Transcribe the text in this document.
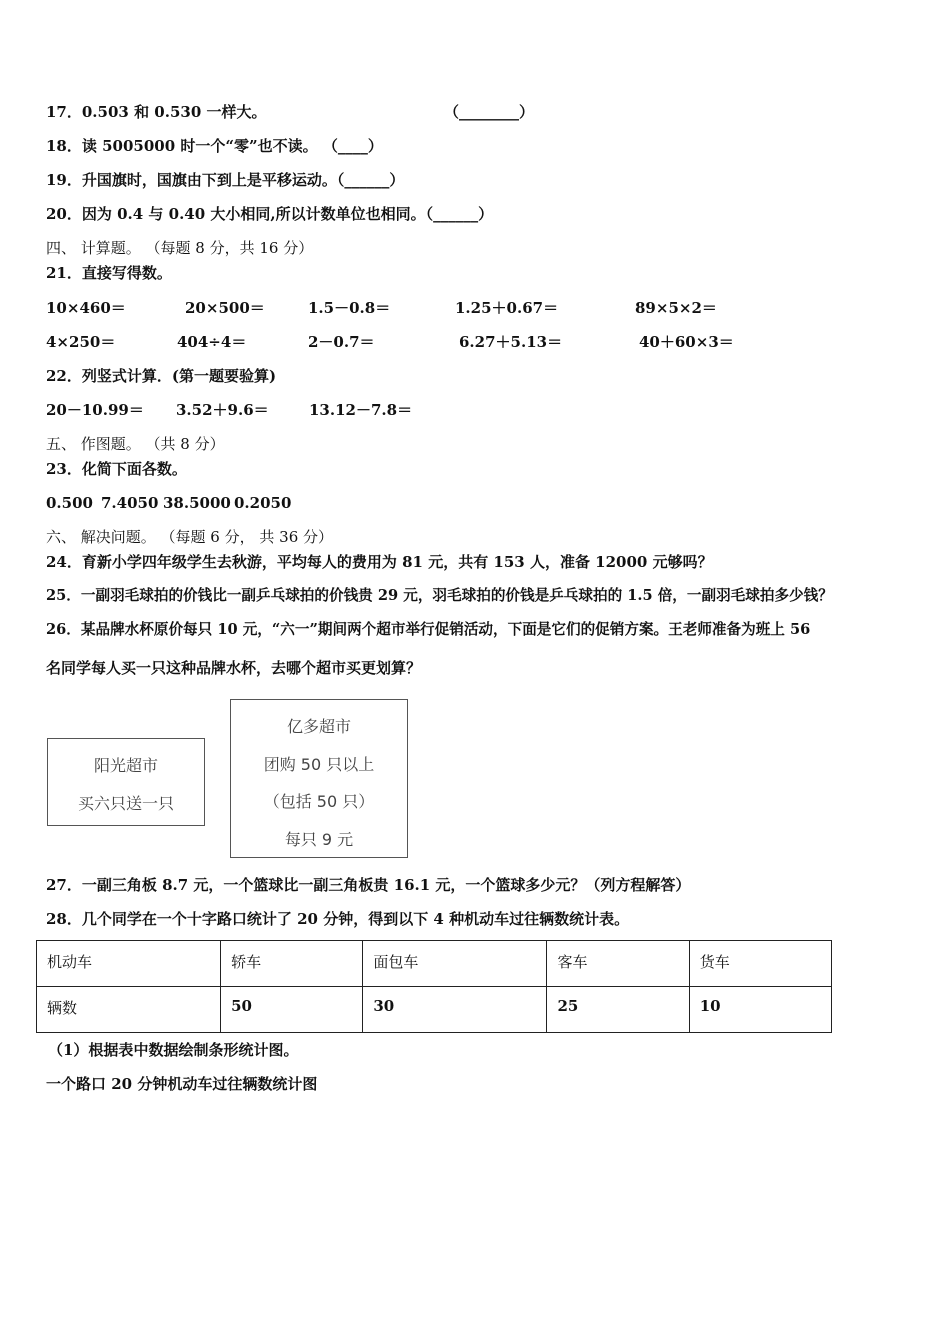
17．0.503 和 0.530 一样大。	（________）
18．读 5005000 时一个“零”也不读。 （____）
19．升国旗时，国旗由下到上是平移运动。（______）
20．因为 0.4 与 0.40 大小相同,所以计数单位也相同。（______）
四、 计算题。 （每题 8 分，共 16 分）
21．直接写得数。
10×460＝	20×500＝	1.5－0.8＝	1.25＋0.67＝	89×5×2＝
4×250＝	404÷4＝	2－0.7＝	6.27＋5.13＝	40＋60×3＝
22．列竖式计算．(第一题要验算)
20－10.99＝ 3.52＋9.6＝	13.12－7.8＝
五、 作图题。 （共 8 分）
23．化简下面各数。
0.500 7.4050 38.5000 0.2050
六、 解决问题。 （每题 6 分， 共 36 分）
24．育新小学四年级学生去秋游，平均每人的费用为 81 元，共有 153 人，准备 12000 元够吗？
25．一副羽毛球拍的价钱比一副乒乓球拍的价钱贵 29 元，羽毛球拍的价钱是乒乓球拍的 1.5 倍，一副羽毛球拍多少钱？
26．某品牌水杯原价每只 10 元，“六一”期间两个超市举行促销活动，下面是它们的促销方案。王老师准备为班上 56
名同学每人买一只这种品牌水杯，去哪个超市买更划算？
阳光超市
买六只送一只
亿多超市
团购 50 只以上
（包括 50 只）
每只 9 元
27．一副三角板 8.7 元，一个篮球比一副三角板贵 16.1 元，一个篮球多少元？（列方程解答）
28．几个同学在一个十字路口统计了 20 分钟，得到以下 4 种机动车过往辆数统计表。
机动车	轿车	面包车	客车	货车
辆数	50	30	25	10
（1）根据表中数据绘制条形统计图。
一个路口 20 分钟机动车过往辆数统计图
